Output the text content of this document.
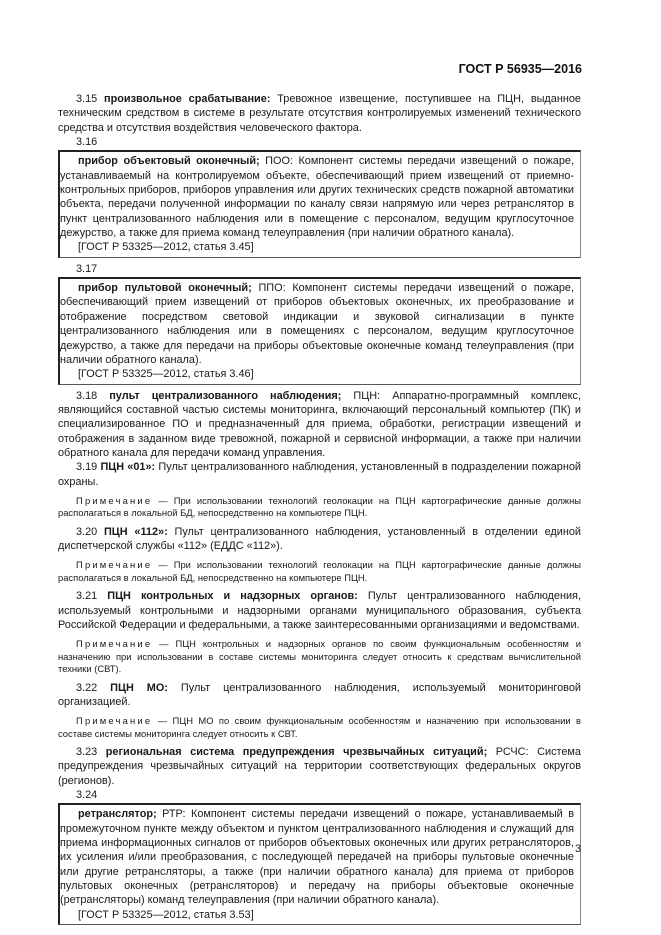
ГОСТ Р 56935—2016

3.15 произвольное срабатывание: Тревожное извещение, поступившее на ПЦН, выданное техническим средством в системе в результате отсутствия контролируемых изменений технического средства и отсутствия воздействия человеческого фактора.

3.16

прибор объектовый оконечный; ПОО: Компонент системы передачи извещений о пожаре, устанавливаемый на контролируемом объекте, обеспечивающий прием извещений от приемно-контрольных приборов, приборов управления или других технических средств пожарной автоматики объекта, передачи полученной информации по каналу связи напрямую или через ретранслятор в пункт централизованного наблюдения или в помещение с персоналом, ведущим круглосуточное дежурство, а также для приема команд телеуправления (при наличии обратного канала).

[ГОСТ Р 53325—2012, статья 3.45]
3.17

прибор пультовой оконечный; ППО: Компонент системы передачи извещений о пожаре, обеспечивающий прием извещений от приборов объектовых оконечных, их преобразование и отображение посредством световой индикации и звуковой сигнализации в пункте централизованного наблюдения или в помещениях с персоналом, ведущим круглосуточное дежурство, а также для передачи на приборы объектовые оконечные команд телеуправления (при наличии обратного канала).

[ГОСТ Р 53325—2012, статья 3.46]

3.18 пульт централизованного наблюдения; ПЦН: Аппаратно-программный комплекс, являющийся составной частью системы мониторинга, включающий персональный компьютер (ПК) и специализированное ПО и предназначенный для приема, обработки, регистрации извещений и отображения в заданном виде тревожной, пожарной и сервисной информации, а также при наличии обратного канала для передачи команд управления.

3.19 ПЦН «01»: Пульт централизованного наблюдения, установленный в подразделении пожарной охраны.

Примечание — При использовании технологий геолокации на ПЦН картографические данные должны располагаться в локальной БД, непосредственно на компьютере ПЦН.

3.20 ПЦН «112»: Пульт централизованного наблюдения, установленный в отделении единой диспетчерской службы «112» (ЕДДС «112»).

Примечание — При использовании технологий геолокации на ПЦН картографические данные должны располагаться в локальной БД, непосредственно на компьютере ПЦН.

3.21 ПЦН контрольных и надзорных органов: Пульт централизованного наблюдения, используемый контрольными и надзорными органами муниципального образования, субъекта Российской Федерации и федеральными, а также заинтересованными организациями и ведомствами.

Примечание — ПЦН контрольных и надзорных органов по своим функциональным особенностям и назначению при использовании в составе системы мониторинга следует относить к средствам вычислительной техники (СВТ).

3.22 ПЦН МО: Пульт централизованного наблюдения, используемый мониторинговой организацией.

Примечание — ПЦН МО по своим функциональным особенностям и назначению при использовании в составе системы мониторинга следует относить к СВТ.

3.23 региональная система предупреждения чрезвычайных ситуаций; РСЧС: Система предупреждения чрезвычайных ситуаций на территории соответствующих федеральных округов (регионов).

3.24

ретранслятор; РТР: Компонент системы передачи извещений о пожаре, устанавливаемый в промежуточном пункте между объектом и пунктом централизованного наблюдения и служащий для приема информационных сигналов от приборов объектовых оконечных или других ретрансляторов, их усиления и/или преобразования, с последующей передачей на приборы пультовые оконечные или другие ретрансляторы, а также (при наличии обратного канала) для приема от приборов пультовых оконечных (ретрансляторов) и передачу на приборы объектовые оконечные (ретрансляторы) команд телеуправления (при наличии обратного канала).

[ГОСТ Р 53325—2012, статья 3.53]
3
